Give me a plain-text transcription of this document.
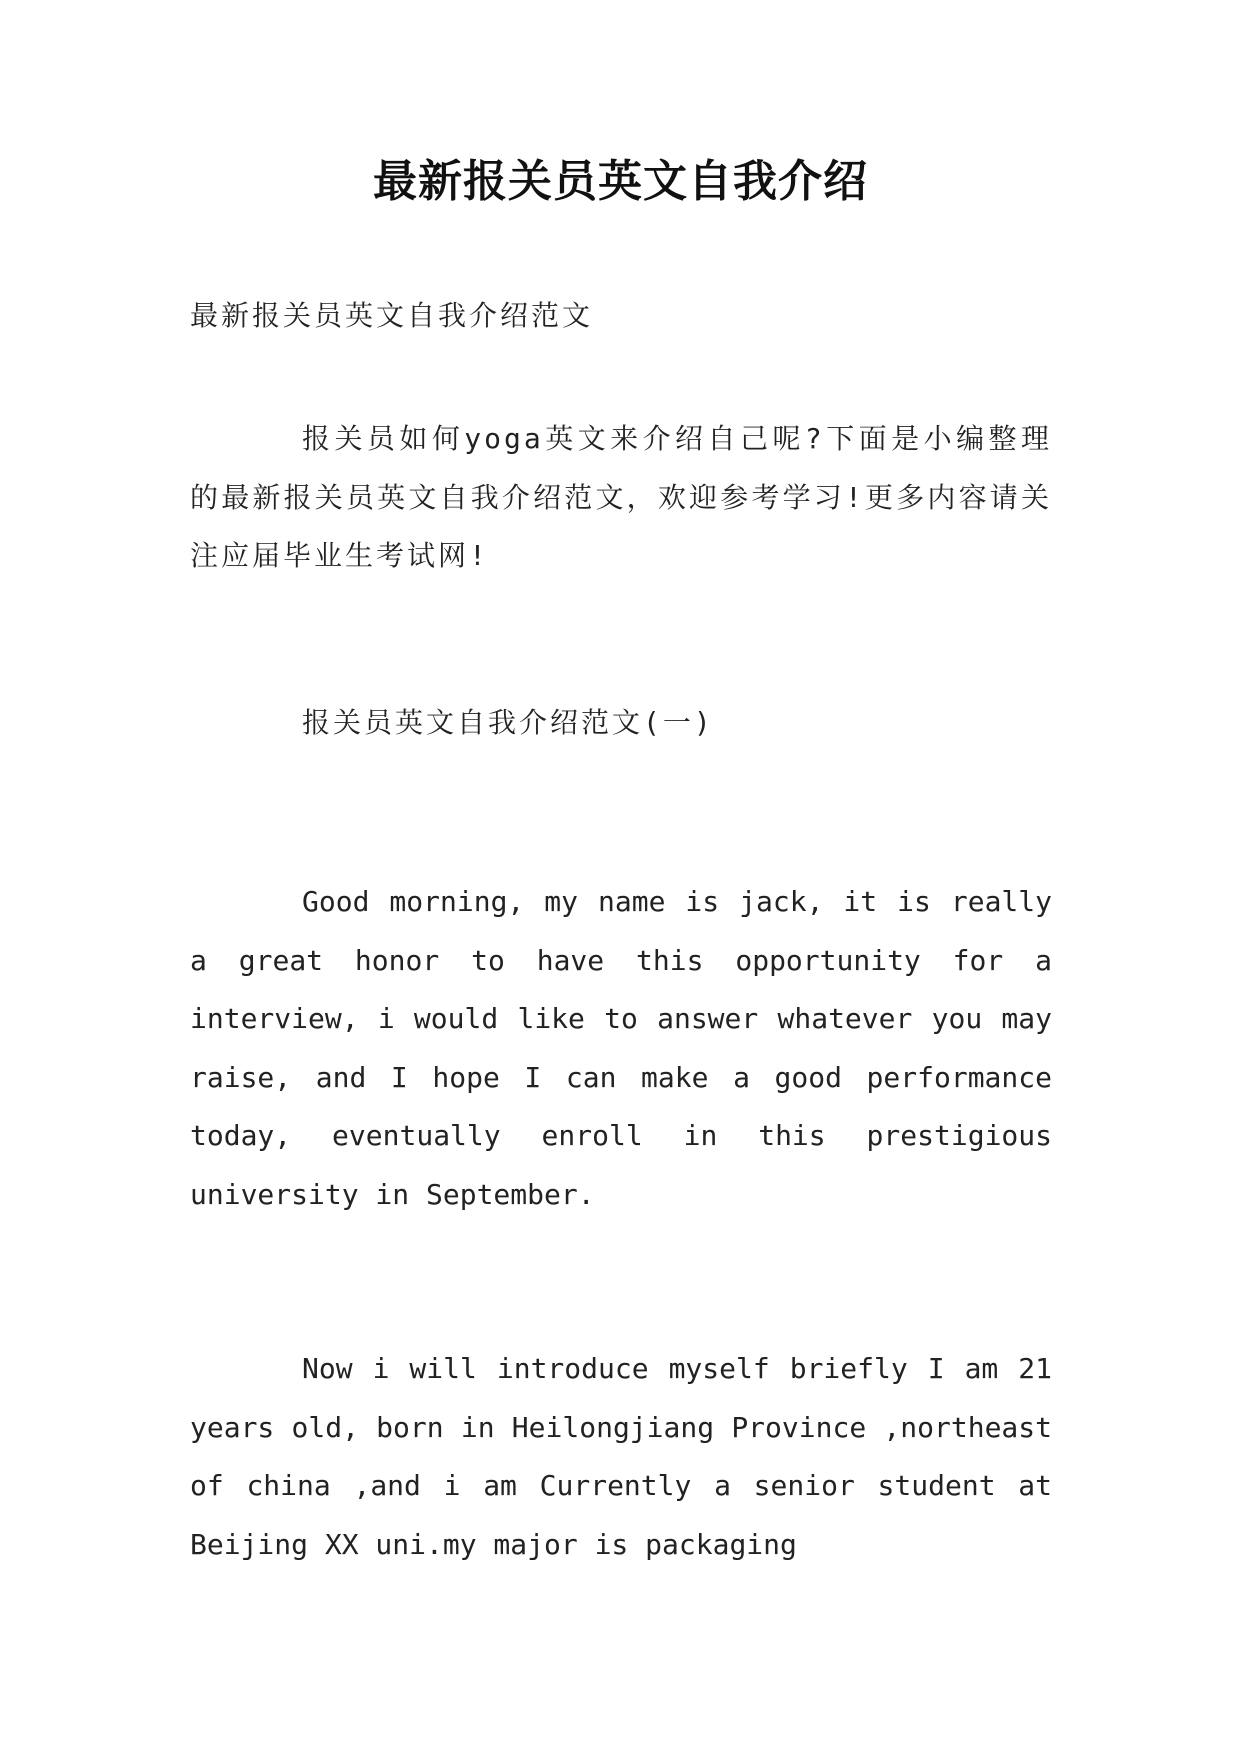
最新报关员英文自我介绍
最新报关员英文自我介绍范文
报关员如何yoga英文来介绍自己呢?下面是小编整理的最新报关员英文自我介绍范文，欢迎参考学习!更多内容请关注应届毕业生考试网!
报关员英文自我介绍范文(一)
Good morning, my name is jack, it is really a great honor to have this opportunity for a interview, i would like to answer whatever you may raise, and I hope I can make a good performance today, eventually enroll in this prestigious university in September.
Now i will introduce myself briefly I am 21 years old, born in Heilongjiang Province ,northeast of china ,and i am Currently a senior student at Beijing XX uni.my major is packaging
